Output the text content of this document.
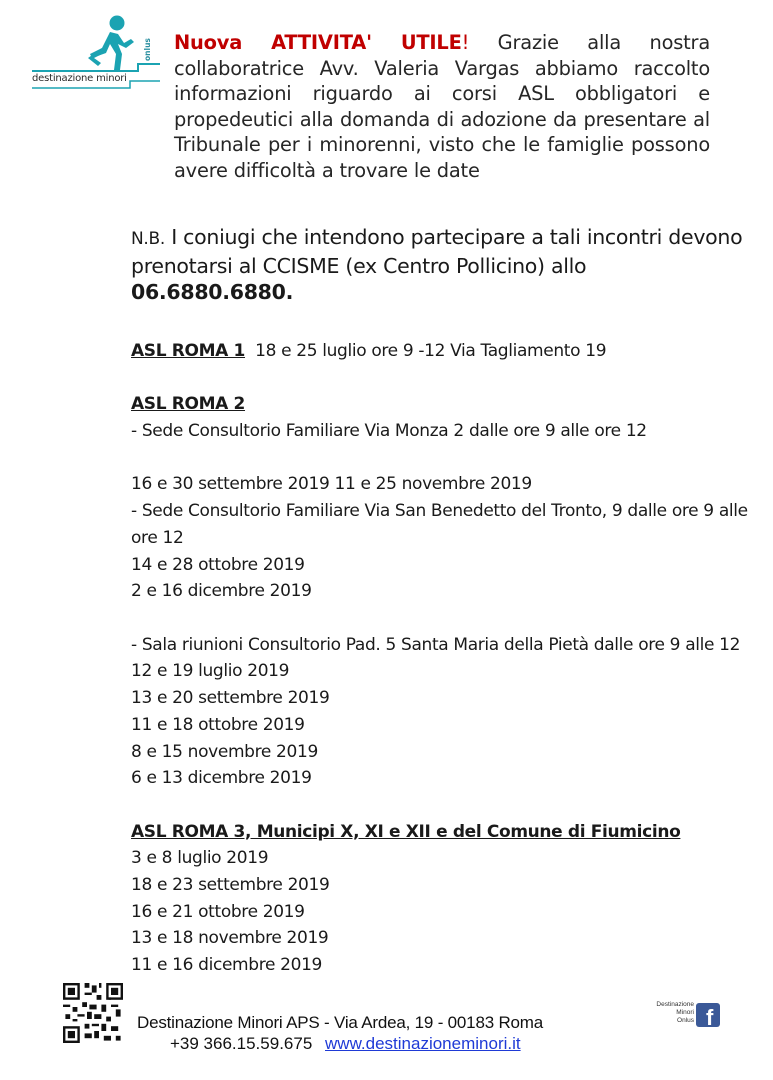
destinazione minori
onlus Nuova ATTIVITA' UTILE! Grazie alla nostra collaboratrice Avv. Valeria Vargas abbiamo raccolto informazioni riguardo ai corsi ASL obbligatori e propedeutici alla domanda di adozione da presentare al Tribunale per i minorenni, visto che le famiglie possono avere difficoltà a trovare le date
N.B. I coniugi che intendono partecipare a tali incontri devono prenotarsi al CCISME (ex Centro Pollicino) allo 06.6880.6880.
ASL ROMA 1 18 e 25 luglio ore 9 -12 Via Tagliamento 19
ASL ROMA 2
- Sede Consultorio Familiare Via Monza 2 dalle ore 9 alle ore 12
16 e 30 settembre 2019 11 e 25 novembre 2019
- Sede Consultorio Familiare Via San Benedetto del Tronto, 9 dalle ore 9 alle ore 12
14 e 28 ottobre 2019
2 e 16 dicembre 2019
- Sala riunioni Consultorio Pad. 5 Santa Maria della Pietà dalle ore 9 alle 12
12 e 19 luglio 2019
13 e 20 settembre 2019
11 e 18 ottobre 2019
8 e 15 novembre 2019
6 e 13 dicembre 2019
ASL ROMA 3, Municipi X, XI e XII e del Comune di Fiumicino
3 e 8 luglio 2019
18 e 23 settembre 2019
16 e 21 ottobre 2019
13 e 18 novembre 2019
11 e 16 dicembre 2019
Destinazione Minori APS - Via Ardea, 19 - 00183 Roma
+39 366.15.59.675 www.destinazioneminori.it
Destinazione
Minori
Onlus f
